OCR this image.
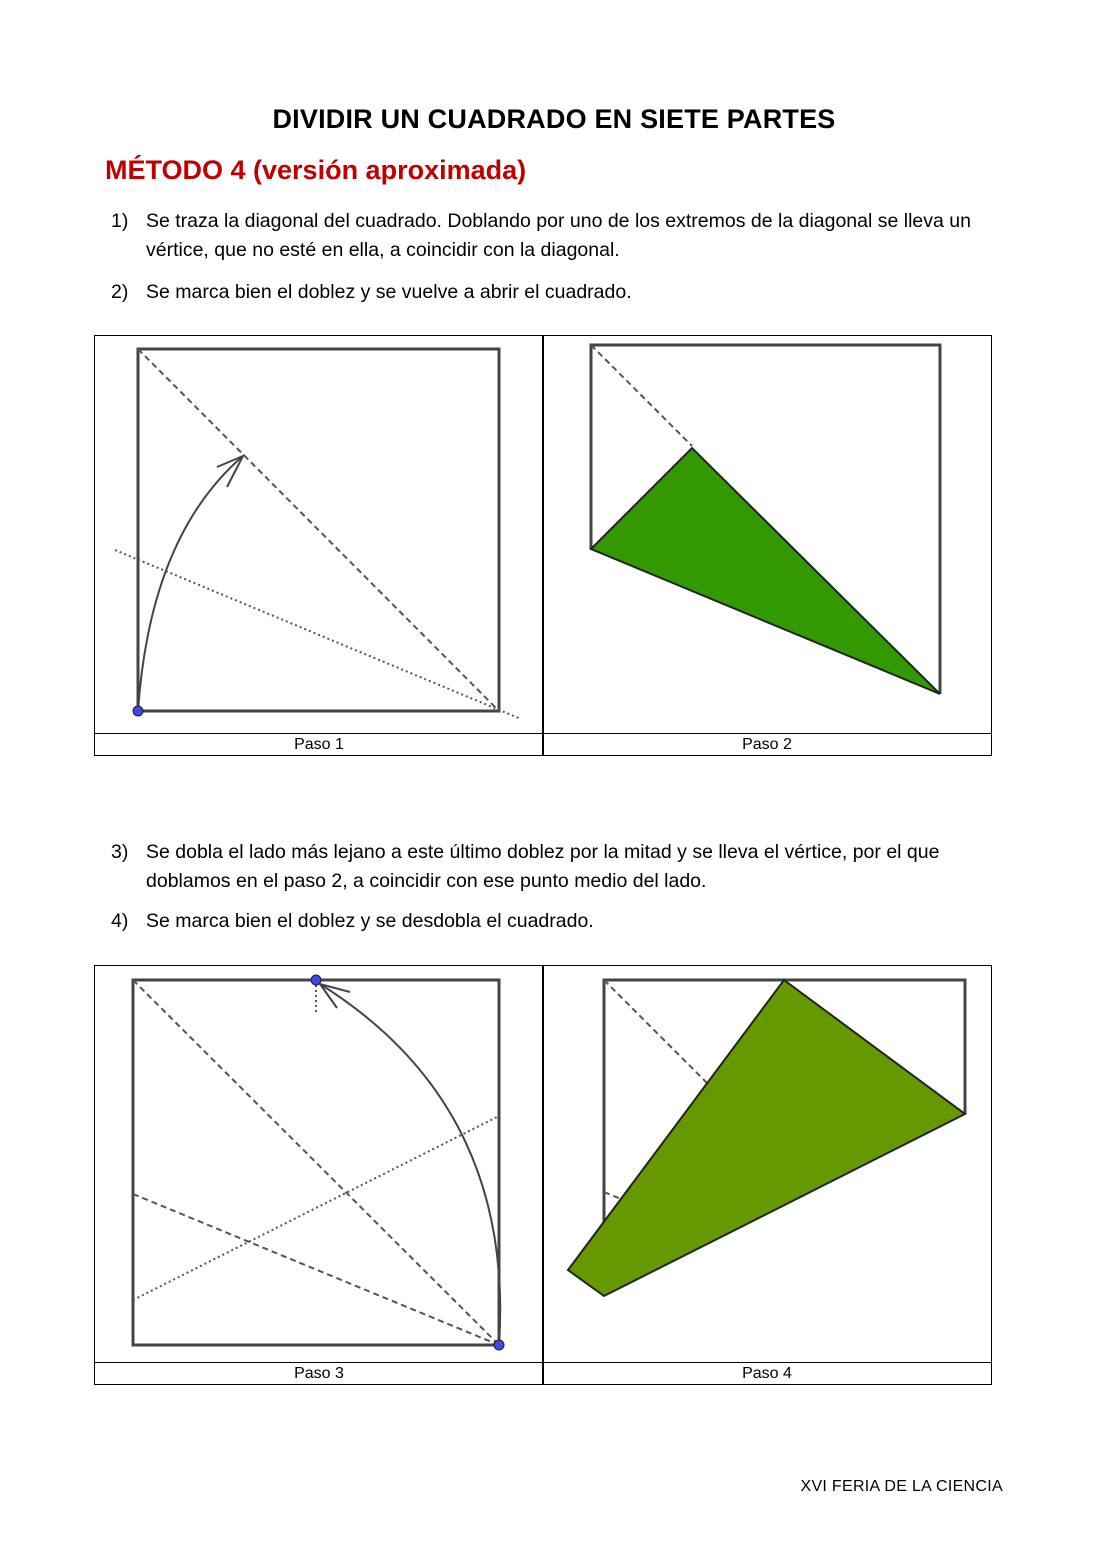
DIVIDIR UN CUADRADO EN SIETE PARTES
MÉTODO 4 (versión aproximada)
1) Se traza la diagonal del cuadrado. Doblando por uno de los extremos de la diagonal se lleva un vértice, que no esté en ella, a coincidir con la diagonal.
2) Se marca bien el doblez y se vuelve a abrir el cuadrado.
Paso 1	Paso 2
3) Se dobla el lado más lejano a este último doblez por la mitad y se lleva el vértice, por el que doblamos en el paso 2, a coincidir con ese punto medio del lado.
4) Se marca bien el doblez y se desdobla el cuadrado.
Paso 3	Paso 4
XVI FERIA DE LA CIENCIA
